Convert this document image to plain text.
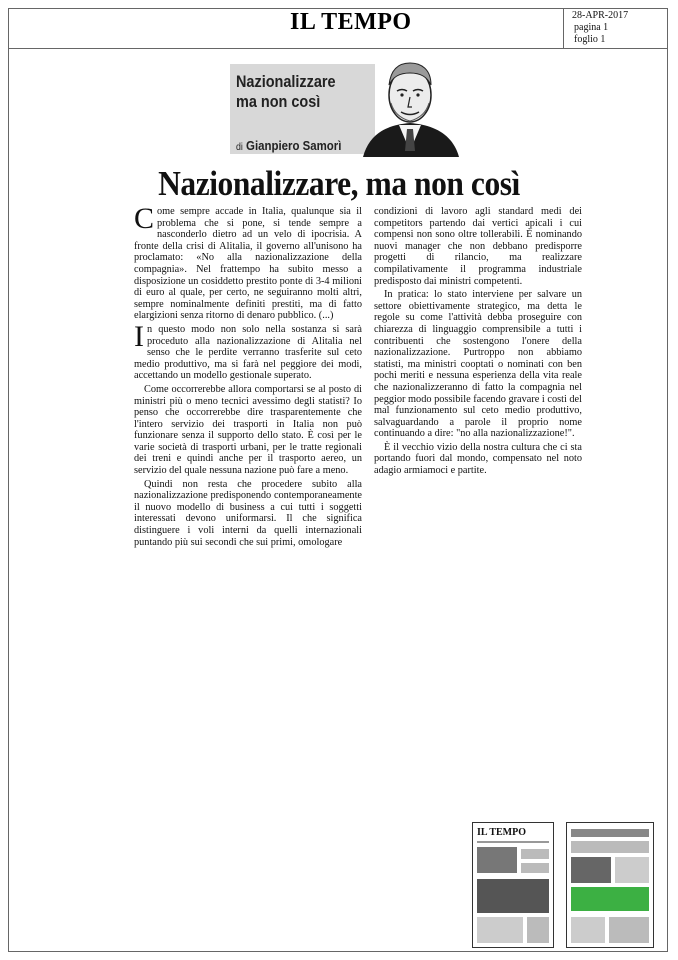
IL TEMPO	28-APR-2017
pagina 1
foglio 1
Nazionalizzare
ma non così
di Gianpiero Samorì
Nazionalizzare, ma non così

Come sempre accade in Italia, qualunque sia il problema che si pone, si tende sempre a nasconderlo dietro ad un velo di ipocrisia. A fronte della crisi di Alitalia, il governo all'unisono ha proclamato: «No alla nazionalizzazione della compagnia». Nel frattempo ha subito messo a disposizione un cosiddetto prestito ponte di 3-4 milioni di euro al quale, per certo, ne seguiranno molti altri, sempre nominalmente definiti prestiti, ma di fatto elargizioni senza ritorno di denaro pubblico. (...)

In questo modo non solo nella sostanza si sarà proceduto alla nazionalizzazione di Alitalia nel senso che le perdite verranno trasferite sul ceto medio produttivo, ma si farà nel peggiore dei modi, accettando un modello gestionale superato.

Come occorrerebbe allora comportarsi se al posto di ministri più o meno tecnici avessimo degli statisti? Io penso che occorrerebbe dire trasparentemente che l'intero servizio dei trasporti in Italia non può funzionare senza il supporto dello stato. È così per le varie società di trasporti urbani, per le tratte regionali dei treni e quindi anche per il trasporto aereo, un servizio del quale nessuna nazione può fare a meno.

Quindi non resta che procedere subito alla nazionalizzazione predisponendo contemporaneamente il nuovo modello di business a cui tutti i soggetti interessati devono uniformarsi. Il che significa distinguere i voli interni da quelli internazionali puntando più sui secondi che sui primi, omologare

condizioni di lavoro agli standard medi dei competitors partendo dai vertici apicali i cui compensi non sono oltre tollerabili. È nominando nuovi manager che non debbano predisporre progetti di rilancio, ma realizzare compilativamente il programma industriale predisposto dai ministri competenti.

In pratica: lo stato interviene per salvare un settore obiettivamente strategico, ma detta le regole su come l'attività debba proseguire con chiarezza di linguaggio comprensibile a tutti i contribuenti che sostengono l'onere della nazionalizzazione. Purtroppo non abbiamo statisti, ma ministri cooptati o nominati con ben pochi meriti e nessuna esperienza della vita reale che nazionalizzeranno di fatto la compagnia nel peggior modo possibile facendo gravare i costi del mal funzionamento sul ceto medio produttivo, salvaguardando a parole il proprio nome continuando a dire: "no alla nazionalizzazione!".

È il vecchio vizio della nostra cultura che ci sta portando fuori dal mondo, compensato nel noto adagio armiamoci e partite.

IL TEMPO
